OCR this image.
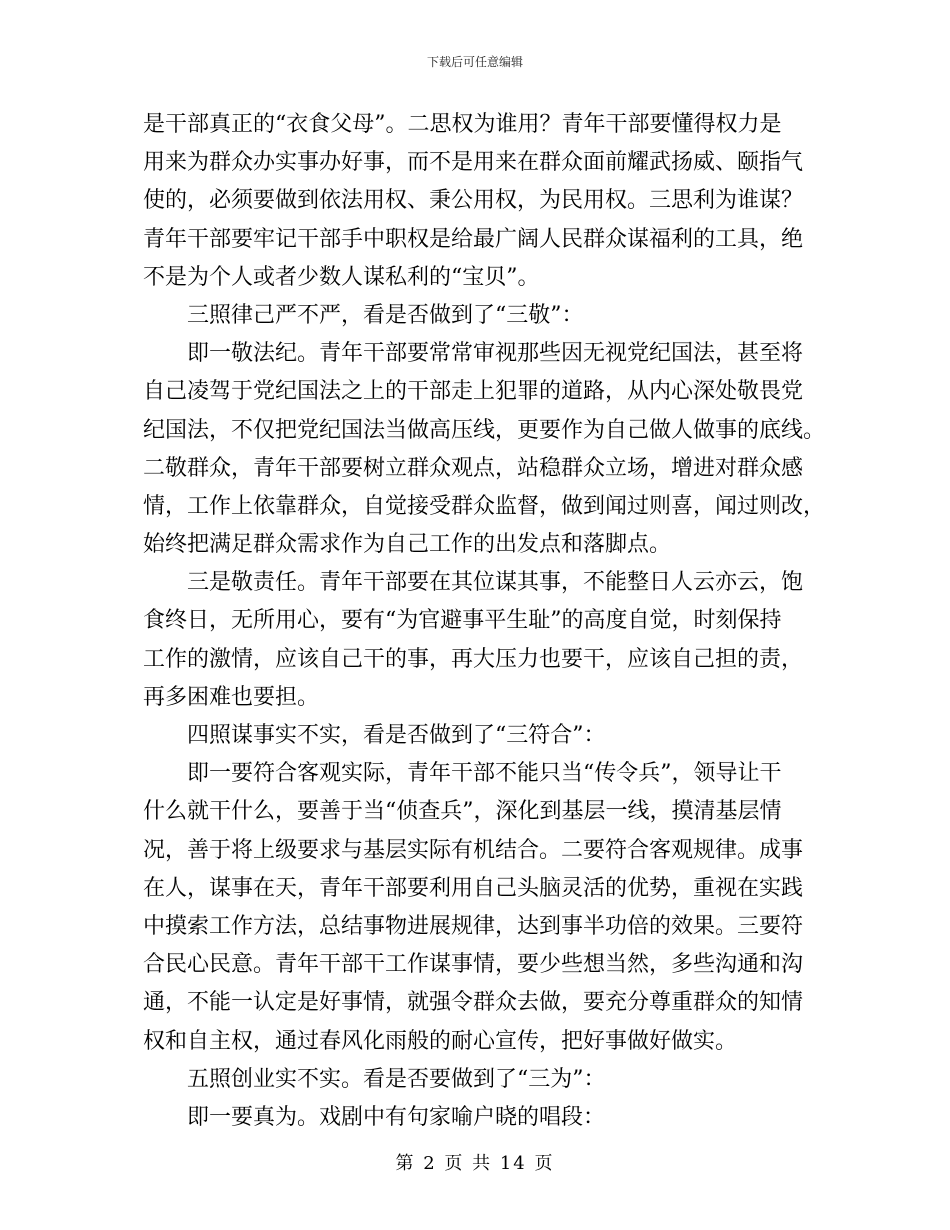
下载后可任意编辑
是干部真正的“衣食父母”。二思权为谁用？青年干部要懂得权力是
用来为群众办实事办好事，而不是用来在群众面前耀武扬威、颐指气
使的，必须要做到依法用权、秉公用权，为民用权。三思利为谁谋？
青年干部要牢记干部手中职权是给最广阔人民群众谋福利的工具，绝
不是为个人或者少数人谋私利的“宝贝”。
三照律己严不严，看是否做到了“三敬”：
即一敬法纪。青年干部要常常审视那些因无视党纪国法，甚至将
自己凌驾于党纪国法之上的干部走上犯罪的道路，从内心深处敬畏党
纪国法，不仅把党纪国法当做高压线，更要作为自己做人做事的底线。
二敬群众，青年干部要树立群众观点，站稳群众立场，增进对群众感
情，工作上依靠群众，自觉接受群众监督，做到闻过则喜，闻过则改，
始终把满足群众需求作为自己工作的出发点和落脚点。
三是敬责任。青年干部要在其位谋其事，不能整日人云亦云，饱
食终日，无所用心，要有“为官避事平生耻”的高度自觉，时刻保持
工作的激情，应该自己干的事，再大压力也要干，应该自己担的责，
再多困难也要担。
四照谋事实不实，看是否做到了“三符合”：
即一要符合客观实际，青年干部不能只当“传令兵”，领导让干
什么就干什么，要善于当“侦查兵”，深化到基层一线，摸清基层情
况，善于将上级要求与基层实际有机结合。二要符合客观规律。成事
在人，谋事在天，青年干部要利用自己头脑灵活的优势，重视在实践
中摸索工作方法，总结事物进展规律，达到事半功倍的效果。三要符
合民心民意。青年干部干工作谋事情，要少些想当然，多些沟通和沟
通，不能一认定是好事情，就强令群众去做，要充分尊重群众的知情
权和自主权，通过春风化雨般的耐心宣传，把好事做好做实。
五照创业实不实。看是否要做到了“三为”：
即一要真为。戏剧中有句家喻户晓的唱段：
第 2 页 共 14 页
